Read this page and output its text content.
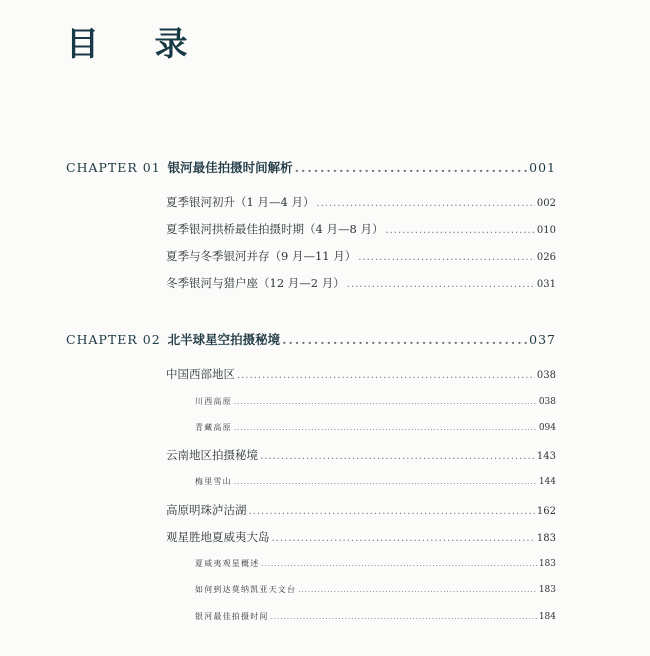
目 录
CHAPTER 01 银河最佳拍摄时间解析 .....	001
夏季银河初升（1 月—4 月） .....	002
夏季银河拱桥最佳拍摄时期（4 月—8 月） .....	010
夏季与冬季银河并存（9 月—11 月） .....	026
冬季银河与猎户座（12 月—2 月） .....	031
CHAPTER 02 北半球星空拍摄秘境 .....	037
中国西部地区 .....	038
川西高原 .....	038
青藏高原 .....	094
云南地区拍摄秘境 .....	143
梅里雪山 .....	144
高原明珠泸沽湖 .....	162
观星胜地夏威夷大岛 .....	183
夏威夷观星概述 .....	183
如何到达莫纳凯亚天文台 .....	183
银河最佳拍摄时间 .....	184
